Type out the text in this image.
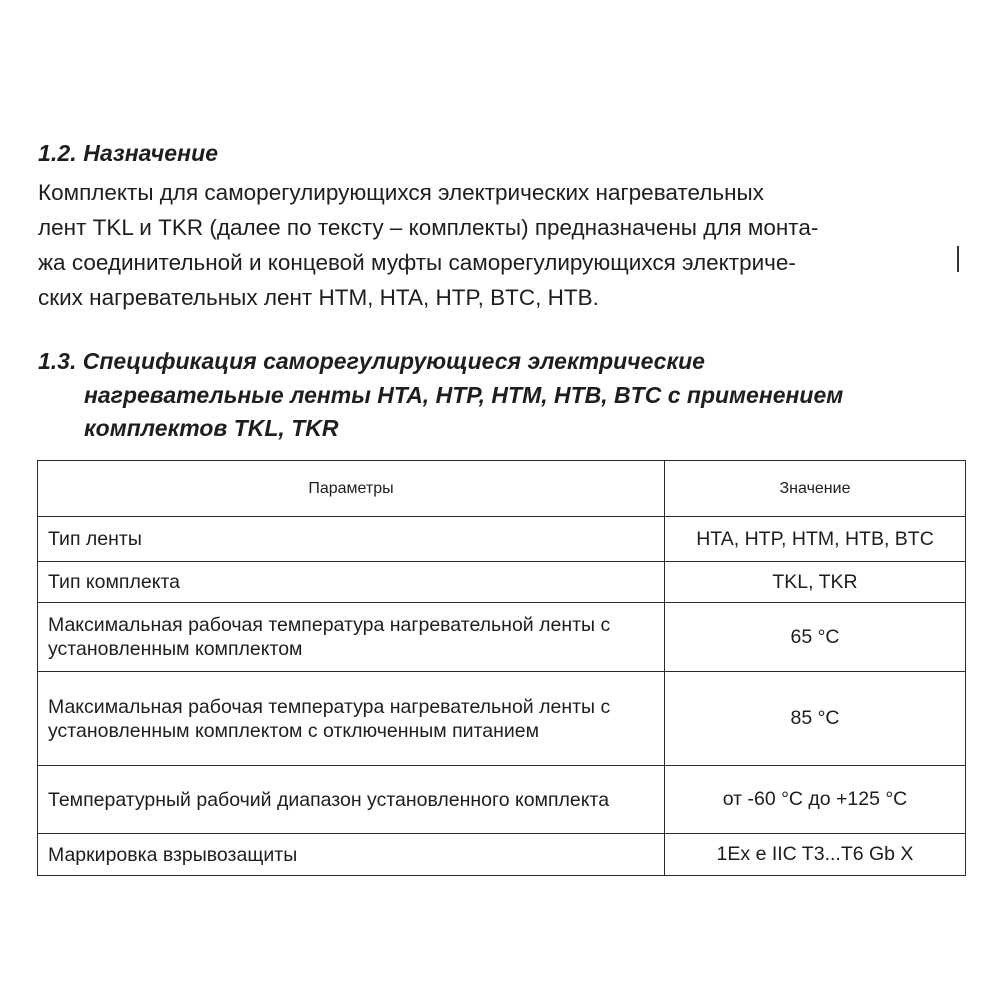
1.2. Назначение

Комплекты для саморегулирующихся электрических нагревательных
лент TKL и TKR (далее по тексту – комплекты) предназначены для монта-
жа соединительной и концевой муфты саморегулирующихся электриче-
ских нагревательных лент HTM, HTA, HTP, BTC, HTB.

1.3. Спецификация саморегулирующиеся электрические
нагревательные ленты HTA, HTP, HTM, HTB, BTC с применением
комплектов TKL, TKR
Параметры	Значение
Тип ленты	HTA, HTP, HTM, HTB, BTC
Тип комплекта	TKL, TKR
Максимальная рабочая температура нагревательной ленты с установленным комплектом	65 °C
Максимальная рабочая температура нагревательной ленты с установленным комплектом с отключенным питанием	85 °C
Температурный рабочий диапазон установленного комплекта	от -60 °C до +125 °C
Маркировка взрывозащиты	1Ex e IIC T3...T6 Gb X
